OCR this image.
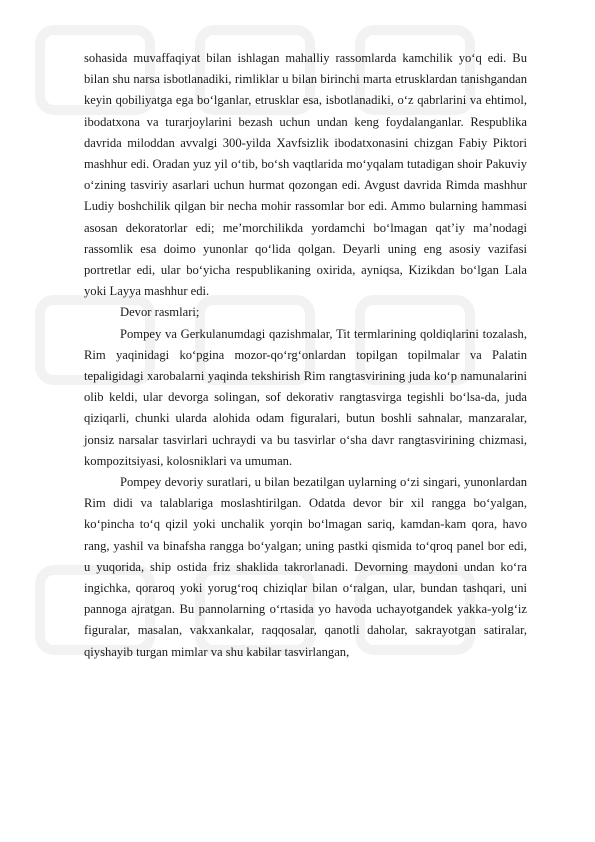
sohasida muvaffaqiyat bilan ishlagan mahalliy rassomlarda kamchilik yo‘q edi. Bu bilan shu narsa isbotlanadiki, rimliklar u bilan birinchi marta etrusklardan tanishgandan keyin qobiliyatga ega bo‘lganlar, etrusklar esa, isbotlanadiki, o‘z qabrlarini va ehtimol, ibodatxona va turarjoylarini bezash uchun undan keng foydalanganlar. Respublika davrida miloddan avvalgi 300-yilda Xavfsizlik ibodatxonasini chizgan Fabiy Piktori mashhur edi. Oradan yuz yil o‘tib, bo‘sh vaqtlarida mo‘yqalam tutadigan shoir Pakuviy o‘zining tasviriy asarlari uchun hurmat qozongan edi. Avgust davrida Rimda mashhur Ludiy boshchilik qilgan bir necha mohir rassomlar bor edi. Ammo bularning hammasi asosan dekoratorlar edi; me’morchilikda yordamchi bo‘lmagan qat’iy ma’nodagi rassomlik esa doimo yunonlar qo‘lida qolgan. Deyarli uning eng asosiy vazifasi portretlar edi, ular bo‘yicha respublikaning oxirida, ayniqsa, Kizikdan bo‘lgan Lala yoki Layya mashhur edi.

Devor rasmlari;

Pompey va Gerkulanumdagi qazishmalar, Tit termlarining qoldiqlarini tozalash, Rim yaqinidagi ko‘pgina mozor-qo‘rg‘onlardan topilgan topilmalar va Palatin tepaligidagi xarobalarni yaqinda tekshirish Rim rangtasvirining juda ko‘p namunalarini olib keldi, ular devorga solingan, sof dekorativ rangtasvirga tegishli bo‘lsa-da, juda qiziqarli, chunki ularda alohida odam figuralari, butun boshli sahnalar, manzaralar, jonsiz narsalar tasvirlari uchraydi va bu tasvirlar o‘sha davr rangtasvirining chizmasi, kompozitsiyasi, kolosniklari va umuman.

Pompey devoriy suratlari, u bilan bezatilgan uylarning o‘zi singari, yunonlardan Rim didi va talablariga moslashtirilgan. Odatda devor bir xil rangga bo‘yalgan, ko‘pincha to‘q qizil yoki unchalik yorqin bo‘lmagan sariq, kamdan-kam qora, havo rang, yashil va binafsha rangga bo‘yalgan; uning pastki qismida to‘qroq panel bor edi, u yuqorida, ship ostida friz shaklida takrorlanadi. Devorning maydoni undan ko‘ra ingichka, qoraroq yoki yorug‘roq chiziqlar bilan o‘ralgan, ular, bundan tashqari, uni pannoga ajratgan. Bu pannolarning o‘rtasida yo havoda uchayotgandek yakka-yolg‘iz figuralar, masalan, vakxankalar, raqqosalar, qanotli daholar, sakrayotgan satiralar, qiyshayib turgan mimlar va shu kabilar tasvirlangan,
